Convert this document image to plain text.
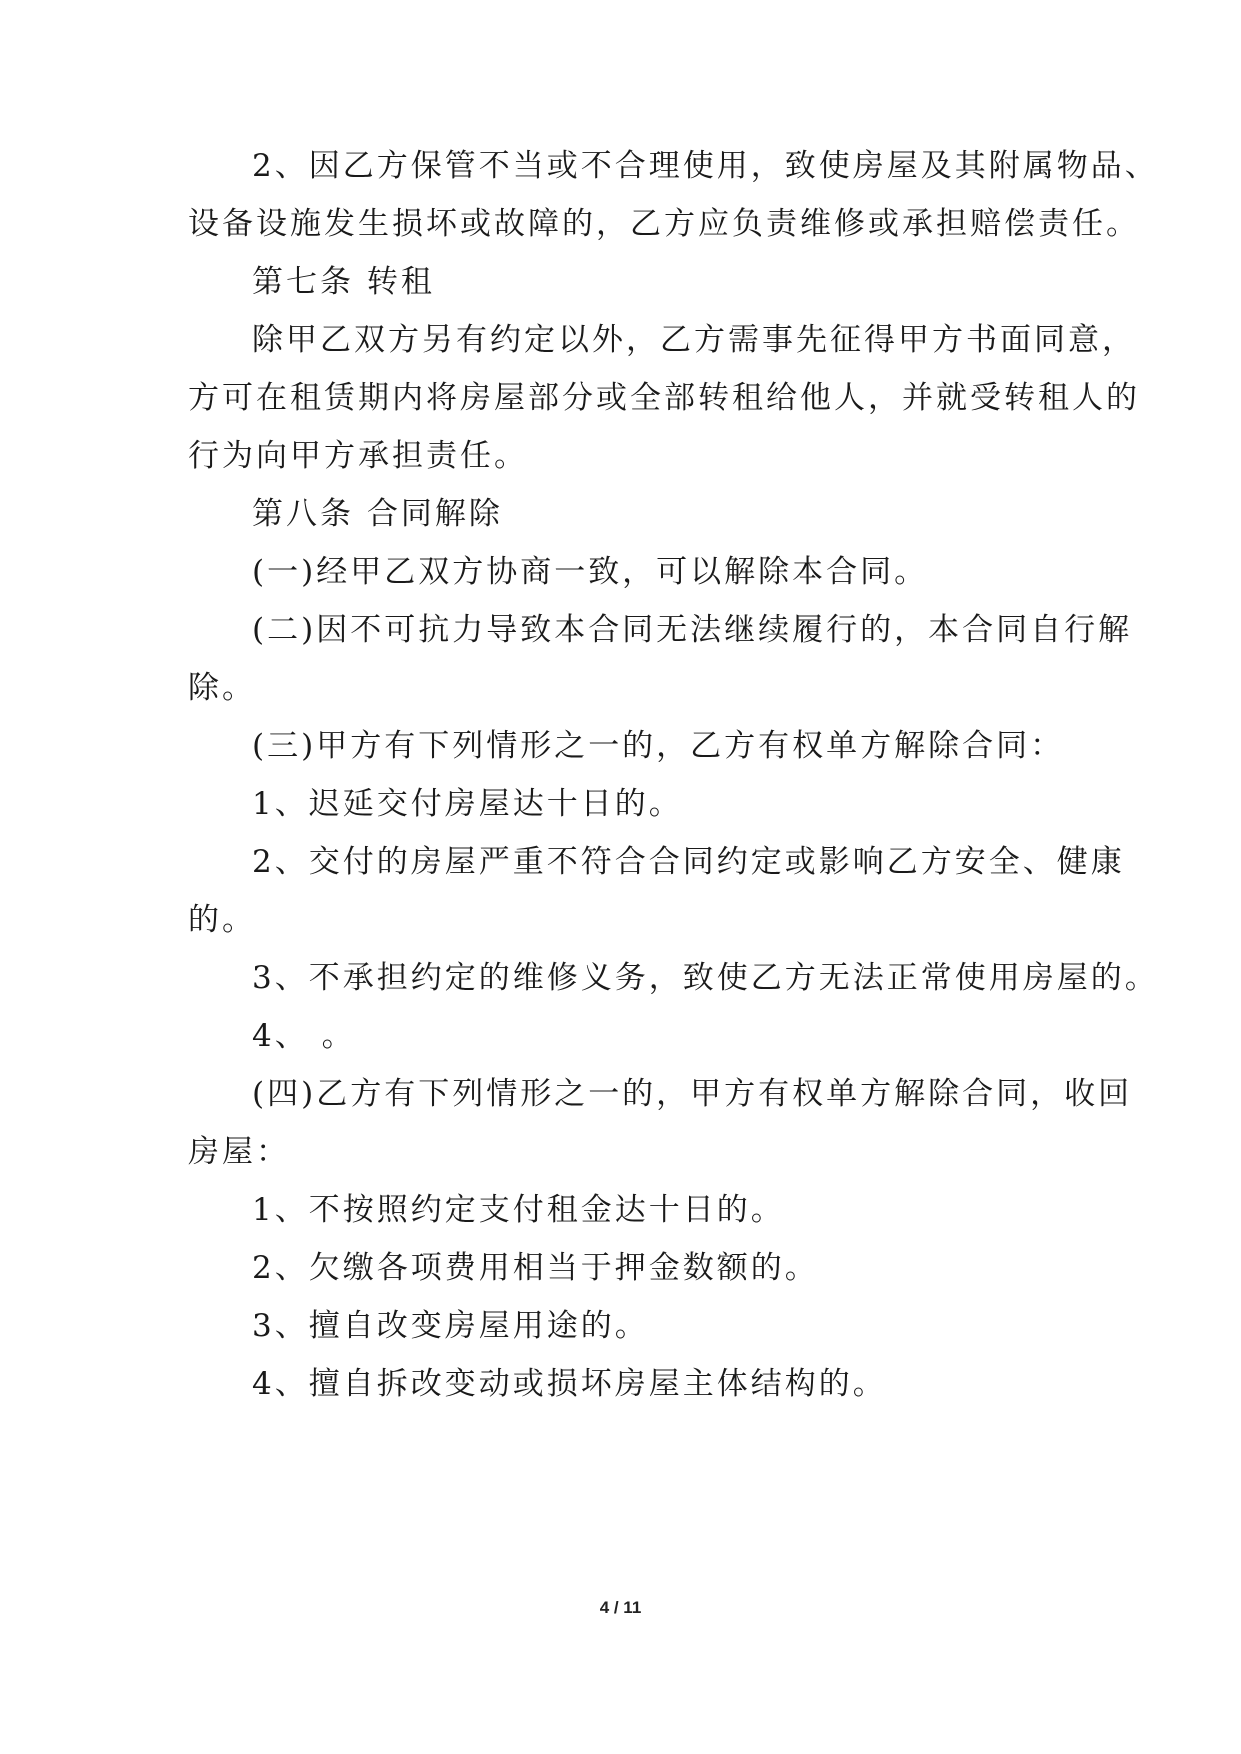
2、因乙方保管不当或不合理使用，致使房屋及其附属物品、
设备设施发生损坏或故障的，乙方应负责维修或承担赔偿责任。
第七条 转租
除甲乙双方另有约定以外，乙方需事先征得甲方书面同意，
方可在租赁期内将房屋部分或全部转租给他人，并就受转租人的
行为向甲方承担责任。
第八条 合同解除
(一)经甲乙双方协商一致，可以解除本合同。
(二)因不可抗力导致本合同无法继续履行的，本合同自行解
除。
(三)甲方有下列情形之一的，乙方有权单方解除合同：
1、迟延交付房屋达十日的。
2、交付的房屋严重不符合合同约定或影响乙方安全、健康
的。
3、不承担约定的维修义务，致使乙方无法正常使用房屋的。
4、 。
(四)乙方有下列情形之一的，甲方有权单方解除合同，收回
房屋：
1、不按照约定支付租金达十日的。
2、欠缴各项费用相当于押金数额的。
3、擅自改变房屋用途的。
4、擅自拆改变动或损坏房屋主体结构的。
4 / 11
